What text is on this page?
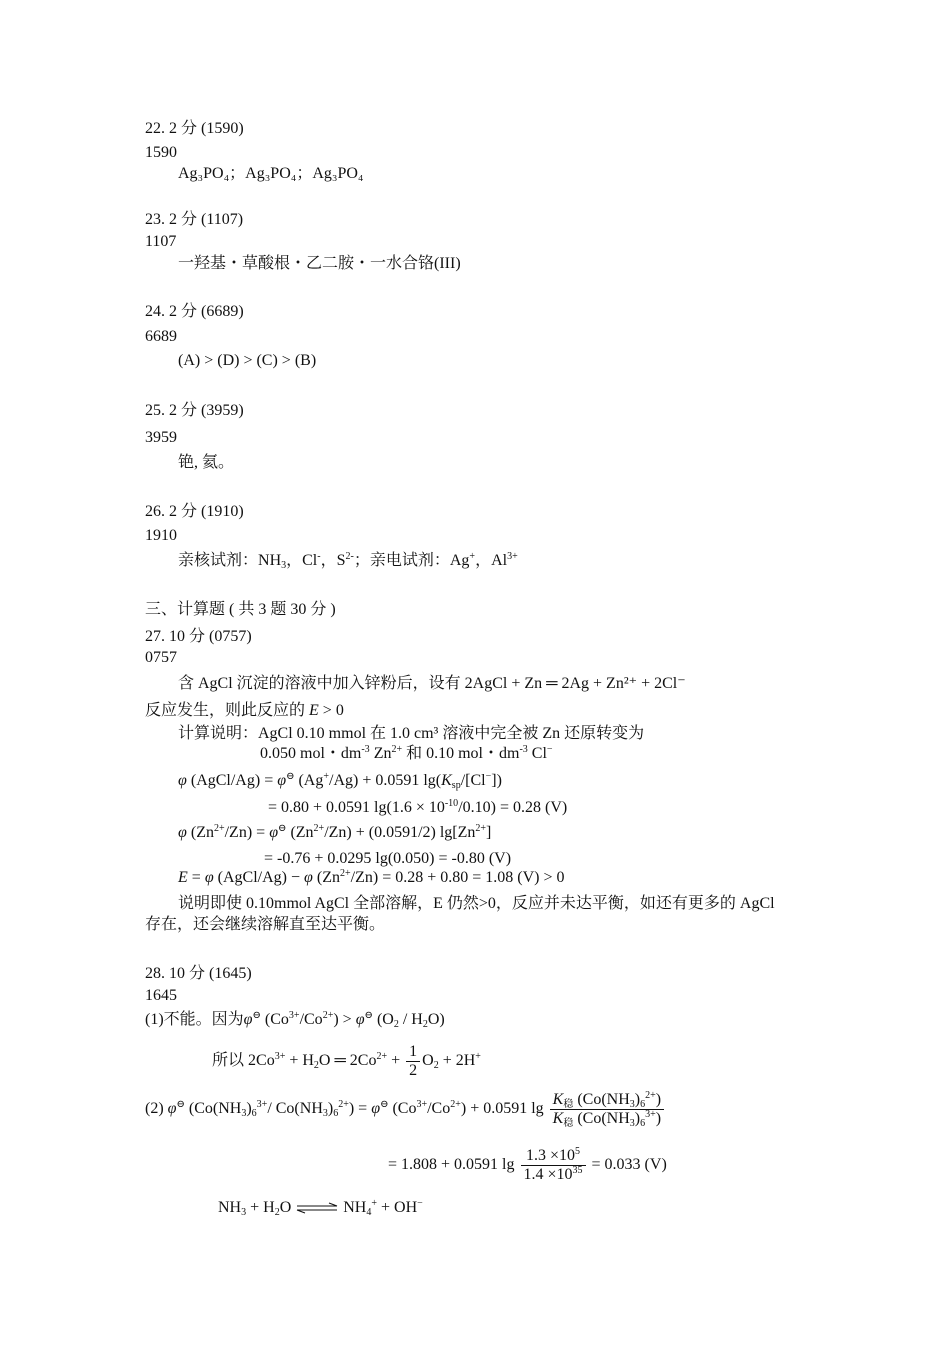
22. 2 分 (1590)
1590
Ag₃PO₄；Ag₃PO₄；Ag₃PO₄
23. 2 分 (1107)
1107
一羟基・草酸根・乙二胺・一水合铬(III)
24. 2 分 (6689)
6689
(A) > (D) > (C) > (B)
25. 2 分 (3959)
3959
铯, 氦。
26. 2 分 (1910)
1910
亲核试剂：$NH_3$，Cl-，$S^{2-}$；亲电试剂：Ag+，$Al^{3+}$
三、计算题 ( 共 3 题 30 分 )
27. 10 分 (0757)
0757
含 AgCl 沉淀的溶液中加入锌粉后，设有 2AgCl + Zn ═ 2Ag + Zn²⁺ + 2Cl⁻
反应发生，则此反应的 E > 0
计算说明：AgCl 0.10 mmol 在 1.0 cm³ 溶液中完全被 Zn 还原转变为
0.050 mol・$dm^{-3}$ $Zn^{2+}$ 和 0.10 mol・$dm^{-3}$ Cl−
φ (AgCl/Ag) = φ⊖ (Ag+/Ag) + 0.0591 $\lg(K_{sp}/[Cl^-])$
= 0.80 + 0.0591 $\lg(1.6 \times 10^{-10}/0.10) = 0.28$ (V)
φ $(Zn^{2+}/Zn) = \varphi^⊖$ $(Zn^{2+}/Zn) + (0.0591/2)$ $\lg[Zn^{2+}]$
= -0.76 + 0.0295 lg(0.050) = -0.80 (V)
E = φ (AgCl/Ag) − φ $(Zn^{2+}/Zn) = 0.28 + 0.80 = 1.08$ (V) > 0
说明即使 0.10mmol AgCl 全部溶解，E 仍然>0，反应并未达平衡，如还有更多的 AgCl
存在，还会继续溶解直至达平衡。
28. 10 分 (1645)
1645
(1)不能。因为φ⊖ $(Co^{3+}/Co^{2+}) > \varphi^⊖$ $(O_2 / H_2O)$
所以 $2Co^{3+} + H_2O$ ═ $2Co^{2+} + \frac{1}{2} O_2 + 2H^+$
(2) φ⊖ ($Co(NH_3)_6^{3+}/$ $Co(NH_3)_6^{2+}) = \varphi^⊖$ $(Co^{3+}/Co^{2+}) + 0.0591$ $\lg \frac{K_稳 (Co(NH_3)_6^{2+})}{K_稳 (Co(NH_3)_6^{3+})}$
= 1.808 + 0.0591 $\lg \frac{1.3 \times 10^5}{1.4 \times 10^{35}} = 0.033$ (V)
$NH_3 + H_2O$ ⇌ $NH_4^+ + OH^-$
